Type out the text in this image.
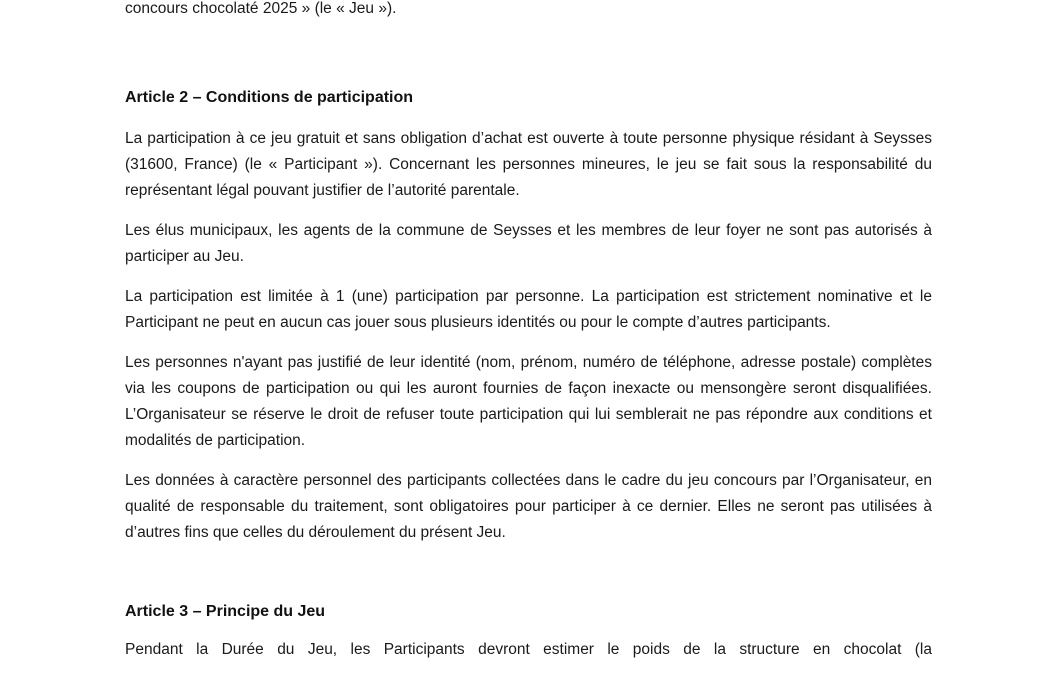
concours chocolaté 2025 » (le « Jeu »).

Article 2 – Conditions de participation

La participation à ce jeu gratuit et sans obligation d’achat est ouverte à toute personne physique résidant à Seysses (31600, France) (le « Participant »). Concernant les personnes mineures, le jeu se fait sous la responsabilité du représentant légal pouvant justifier de l’autorité parentale.

Les élus municipaux, les agents de la commune de Seysses et les membres de leur foyer ne sont pas autorisés à participer au Jeu.

La participation est limitée à 1 (une) participation par personne. La participation est strictement nominative et le Participant ne peut en aucun cas jouer sous plusieurs identités ou pour le compte d’autres participants.

Les personnes n'ayant pas justifié de leur identité (nom, prénom, numéro de téléphone, adresse postale) complètes via les coupons de participation ou qui les auront fournies de façon inexacte ou mensongère seront disqualifiées. L’Organisateur se réserve le droit de refuser toute participation qui lui semblerait ne pas répondre aux conditions et modalités de participation.

Les données à caractère personnel des participants collectées dans le cadre du jeu concours par l’Organisateur, en qualité de responsable du traitement, sont obligatoires pour participer à ce dernier. Elles ne seront pas utilisées à d’autres fins que celles du déroulement du présent Jeu.

Article 3 – Principe du Jeu

Pendant la Durée du Jeu, les Participants devront estimer le poids de la structure en chocolat (la
